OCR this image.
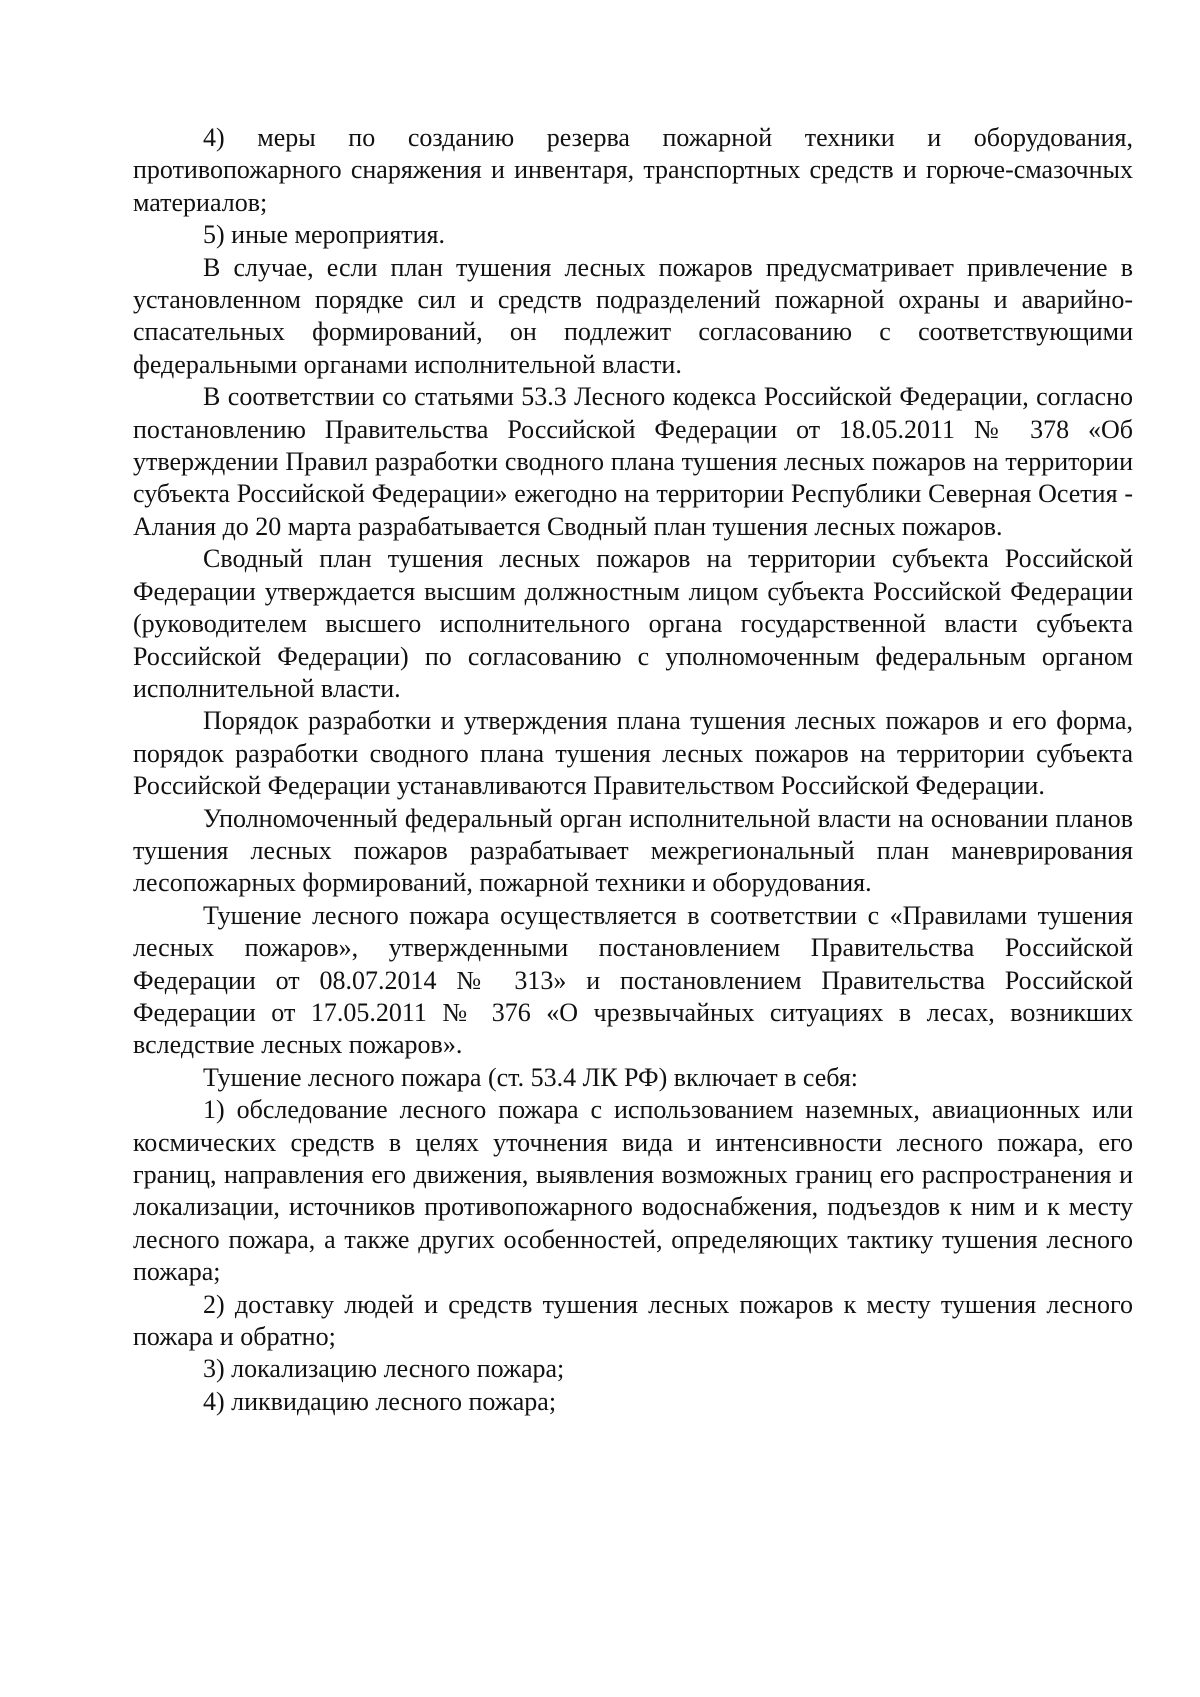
4) меры по созданию резерва пожарной техники и оборудования, противопожарного снаряжения и инвентаря, транспортных средств и горюче-смазочных материалов;

5) иные мероприятия.

В случае, если план тушения лесных пожаров предусматривает привлечение в установленном порядке сил и средств подразделений пожарной охраны и аварийно-спасательных формирований, он подлежит согласованию с соответствующими федеральными органами исполнительной власти.

В соответствии со статьями 53.3 Лесного кодекса Российской Федерации, согласно постановлению Правительства Российской Федерации от 18.05.2011 № 378 «Об утверждении Правил разработки сводного плана тушения лесных пожаров на территории субъекта Российской Федерации» ежегодно на территории Республики Северная Осетия - Алания до 20 марта разрабатывается Сводный план тушения лесных пожаров.

Сводный план тушения лесных пожаров на территории субъекта Российской Федерации утверждается высшим должностным лицом субъекта Российской Федерации (руководителем высшего исполнительного органа государственной власти субъекта Российской Федерации) по согласованию с уполномоченным федеральным органом исполнительной власти.

Порядок разработки и утверждения плана тушения лесных пожаров и его форма, порядок разработки сводного плана тушения лесных пожаров на территории субъекта Российской Федерации устанавливаются Правительством Российской Федерации.

Уполномоченный федеральный орган исполнительной власти на основании планов тушения лесных пожаров разрабатывает межрегиональный план маневрирования лесопожарных формирований, пожарной техники и оборудования.

Тушение лесного пожара осуществляется в соответствии с «Правилами тушения лесных пожаров», утвержденными постановлением Правительства Российской Федерации от 08.07.2014 № 313» и постановлением Правительства Российской Федерации от 17.05.2011 № 376 «О чрезвычайных ситуациях в лесах, возникших вследствие лесных пожаров».

Тушение лесного пожара (ст. 53.4 ЛК РФ) включает в себя:

1) обследование лесного пожара с использованием наземных, авиационных или космических средств в целях уточнения вида и интенсивности лесного пожара, его границ, направления его движения, выявления возможных границ его распространения и локализации, источников противопожарного водоснабжения, подъездов к ним и к месту лесного пожара, а также других особенностей, определяющих тактику тушения лесного пожара;

2) доставку людей и средств тушения лесных пожаров к месту тушения лесного пожара и обратно;

3) локализацию лесного пожара;

4) ликвидацию лесного пожара;
